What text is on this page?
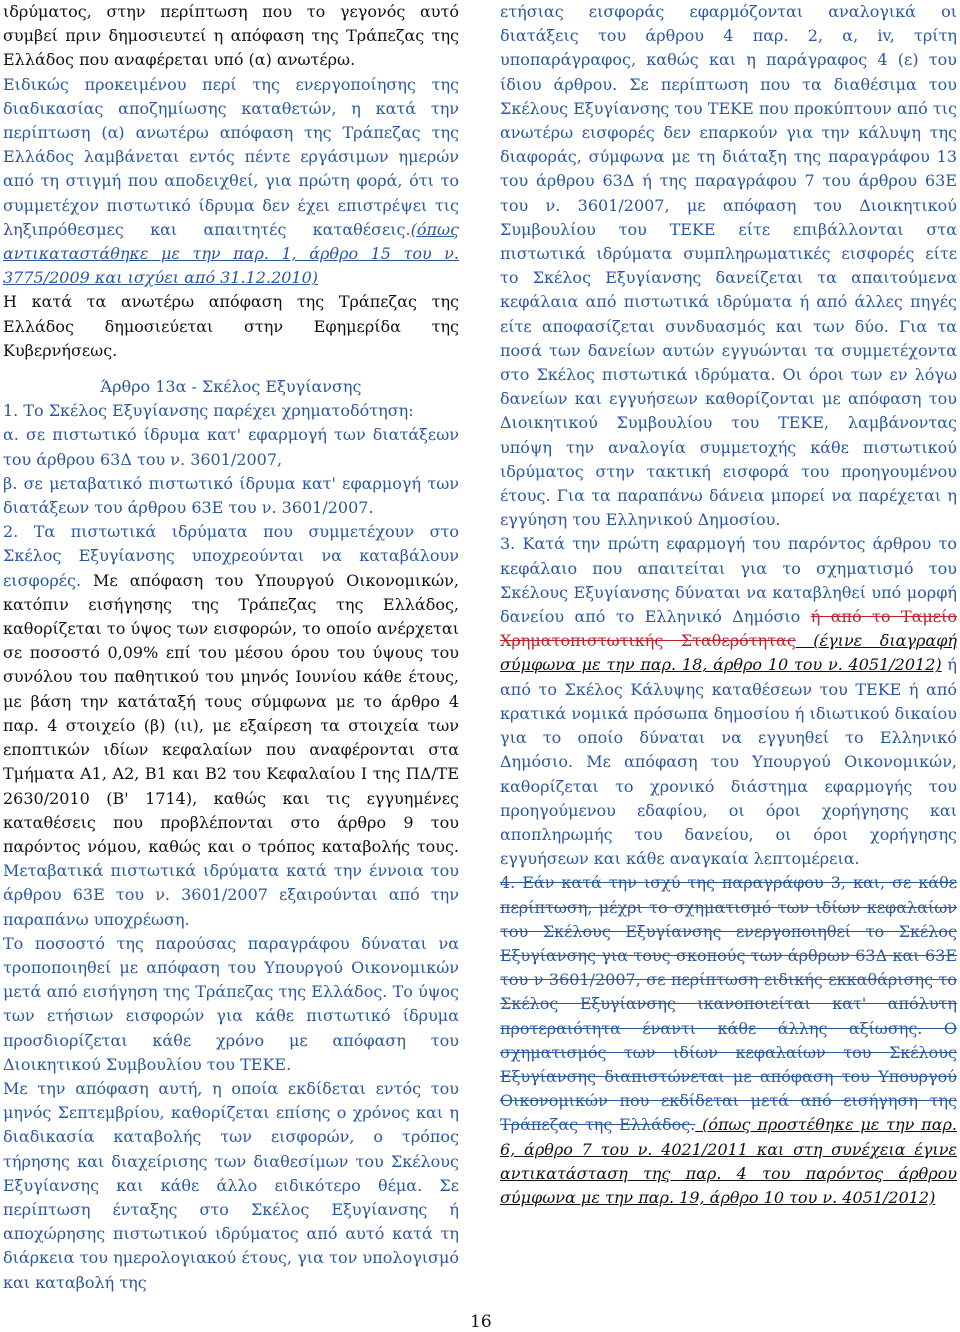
ιδρύματος, στην περίπτωση που το γεγονός αυτό συμβεί πριν δημοσιευτεί η απόφαση της Τράπεζας της Ελλάδος που αναφέρεται υπό (α) ανωτέρω.

Ειδικώς προκειμένου περί της ενεργοποίησης της διαδικασίας αποζημίωσης καταθετών, η κατά την περίπτωση (α) ανωτέρω απόφαση της Τράπεζας της Ελλάδος λαμβάνεται εντός πέντε εργάσιμων ημερών από τη στιγμή που αποδειχθεί, για πρώτη φορά, ότι το συμμετέχον πιστωτικό ίδρυμα δεν έχει επιστρέψει τις ληξιπρόθεσμες και απαιτητές καταθέσεις.(όπως αντικαταστάθηκε με την παρ. 1, άρθρο 15 του ν. 3775/2009 και ισχύει από 31.12.2010)

Η κατά τα ανωτέρω απόφαση της Τράπεζας της Ελλάδος δημοσιεύεται στην Εφημερίδα της Κυβερνήσεως.

Άρθρο 13α - Σκέλος Εξυγίανσης

1. Το Σκέλος Εξυγίανσης παρέχει χρηματοδότηση:

α. σε πιστωτικό ίδρυμα κατ' εφαρμογή των διατάξεων του άρθρου 63Δ του ν. 3601/2007,

β. σε μεταβατικό πιστωτικό ίδρυμα κατ' εφαρμογή των διατάξεων του άρθρου 63Ε του ν. 3601/2007.

2. Τα πιστωτικά ιδρύματα που συμμετέχουν στο Σκέλος Εξυγίανσης υποχρεούνται να καταβάλουν εισφορές. Με απόφαση του Υπουργού Οικονομικών, κατόπιν εισήγησης της Τράπεζας της Ελλάδος, καθορίζεται το ύψος των εισφορών, το οποίο ανέρχεται σε ποσοστό 0,09% επί του μέσου όρου του ύψους του συνόλου του παθητικού του μηνός Ιουνίου κάθε έτους, με βάση την κατάταξή τους σύμφωνα με το άρθρο 4 παρ. 4 στοιχείο (β) (ιι), με εξαίρεση τα στοιχεία των εποπτικών ιδίων κεφαλαίων που αναφέρονται στα Τμήματα Α1, Α2, Β1 και Β2 του Κεφαλαίου Ι της ΠΔ/ΤΕ 2630/2010 (Β' 1714), καθώς και τις εγγυημένες καταθέσεις που προβλέπονται στο άρθρο 9 του παρόντος νόμου, καθώς και ο τρόπος καταβολής τους. Μεταβατικά πιστωτικά ιδρύματα κατά την έννοια του άρθρου 63Ε του ν. 3601/2007 εξαιρούνται από την παραπάνω υποχρέωση.

Το ποσοστό της παρούσας παραγράφου δύναται να τροποποιηθεί με απόφαση του Υπουργού Οικονομικών μετά από εισήγηση της Τράπεζας της Ελλάδος. Το ύψος των ετήσιων εισφορών για κάθε πιστωτικό ίδρυμα προσδιορίζεται κάθε χρόνο με απόφαση του Διοικητικού Συμβουλίου του ΤΕΚΕ.

Με την απόφαση αυτή, η οποία εκδίδεται εντός του μηνός Σεπτεμβρίου, καθορίζεται επίσης ο χρόνος και η διαδικασία καταβολής των εισφορών, ο τρόπος τήρησης και διαχείρισης των διαθεσίμων του Σκέλους Εξυγίανσης και κάθε άλλο ειδικότερο θέμα. Σε περίπτωση ένταξης στο Σκέλος Εξυγίανσης ή αποχώρησης πιστωτικού ιδρύματος από αυτό κατά τη διάρκεια του ημερολογιακού έτους, για τον υπολογισμό και καταβολή της

ετήσιας εισφοράς εφαρμόζονται αναλογικά οι διατάξεις του άρθρου 4 παρ. 2, α, iv, τρίτη υποπαράγραφος, καθώς και η παράγραφος 4 (ε) του ίδιου άρθρου. Σε περίπτωση που τα διαθέσιμα του Σκέλους Εξυγίανσης του ΤΕΚΕ που προκύπτουν από τις ανωτέρω εισφορές δεν επαρκούν για την κάλυψη της διαφοράς, σύμφωνα με τη διάταξη της παραγράφου 13 του άρθρου 63Δ ή της παραγράφου 7 του άρθρου 63Ε του ν. 3601/2007, με απόφαση του Διοικητικού Συμβουλίου του ΤΕΚΕ είτε επιβάλλονται στα πιστωτικά ιδρύματα συμπληρωματικές εισφορές είτε το Σκέλος Εξυγίανσης δανείζεται τα απαιτούμενα κεφάλαια από πιστωτικά ιδρύματα ή από άλλες πηγές είτε αποφασίζεται συνδυασμός και των δύο. Για τα ποσά των δανείων αυτών εγγυώνται τα συμμετέχοντα στο Σκέλος πιστωτικά ιδρύματα. Οι όροι των εν λόγω δανείων και εγγυήσεων καθορίζονται με απόφαση του Διοικητικού Συμβουλίου του ΤΕΚΕ, λαμβάνοντας υπόψη την αναλογία συμμετοχής κάθε πιστωτικού ιδρύματος στην τακτική εισφορά του προηγουμένου έτους. Για τα παραπάνω δάνεια μπορεί να παρέχεται η εγγύηση του Ελληνικού Δημοσίου.

3. Κατά την πρώτη εφαρμογή του παρόντος άρθρου το κεφάλαιο που απαιτείται για το σχηματισμό του Σκέλους Εξυγίανσης δύναται να καταβληθεί υπό μορφή δανείου από το Ελληνικό Δημόσιο ή από το Ταμείο Χρηματοπιστωτικής Σταθερότητας (έγινε διαγραφή σύμφωνα με την παρ. 18, άρθρο 10 του ν. 4051/2012) ή από το Σκέλος Κάλυψης καταθέσεων του ΤΕΚΕ ή από κρατικά νομικά πρόσωπα δημοσίου ή ιδιωτικού δικαίου για το οποίο δύναται να εγγυηθεί το Ελληνικό Δημόσιο. Με απόφαση του Υπουργού Οικονομικών, καθορίζεται το χρονικό διάστημα εφαρμογής του προηγούμενου εδαφίου, οι όροι χορήγησης και αποπληρωμής του δανείου, οι όροι χορήγησης εγγυήσεων και κάθε αναγκαία λεπτομέρεια.

4. Εάν κατά την ισχύ της παραγράφου 3, και, σε κάθε περίπτωση, μέχρι το σχηματισμό των ιδίων κεφαλαίων του Σκέλους Εξυγίανσης ενεργοποιηθεί το Σκέλος Εξυγίανσης για τους σκοπούς των άρθρων 63Δ και 63Ε του ν 3601/2007, σε περίπτωση ειδικής εκκαθάρισης το Σκέλος Εξυγίανσης ικανοποιείται κατ' απόλυτη προτεραιότητα έναντι κάθε άλλης αξίωσης. Ο σχηματισμός των ιδίων κεφαλαίων του Σκέλους Εξυγίανσης διαπιστώνεται με απόφαση του Υπουργού Οικονομικών που εκδίδεται μετά από εισήγηση της Τράπεζας της Ελλάδος. (όπως προστέθηκε με την παρ. 6, άρθρο 7 του ν. 4021/2011 και στη συνέχεια έγινε αντικατάσταση της παρ. 4 του παρόντος άρθρου σύμφωνα με την παρ. 19, άρθρο 10 του ν. 4051/2012)

16
